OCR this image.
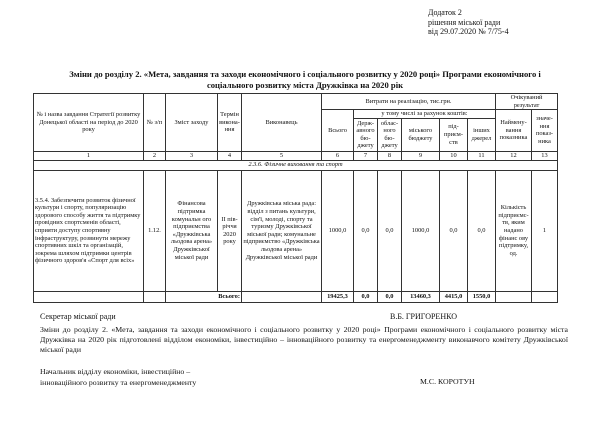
Додаток 2
рішення міської ради
від 29.07.2020 № 7/75-4
Зміни до розділу 2. «Мета, завдання та заходи економічного і соціального розвитку у 2020 році» Програми економічного і
соціального розвитку міста Дружківка на 2020 рік
№ і назва завдання Стратегії розвитку Донецької області на період до 2020 року	№ з/п	Зміст заходу	Термін виконання	Виконавець	Витрати на реалізацію, тис.грн.						Очікуваний результат	
					Всього	у тому числі за рахунок коштів:					Найменування показника	значення показника
						Державного бюджету	обласного бюджету	міського бюджету	підприємств	інших джерел		
1	2	3	4	5	6	7	8	9	10	11	12	13
2.3.6. Фізичне виховання та спорт												
3.5.4. Забезпечити розвиток фізичної культури і спорту, популяризацію здорового способу життя та підтримку провідних спортсменів області, сприяти доступу спортивну інфраструктуру, розвинути мережу спортивних шкіл та організацій, зокрема шляхом підтримки центрів фізичного здоров'я «Спорт для всіх»	1.12.	Фінансова підтримка комунальн ого підприємства «Дружківська льодова арена» Дружківської міської ради	II півріччя 2020 року	Дружківська міська рада: відділ з питань культури, сім'ї, молоді, спорту та туризму Дружківської міської ради; комунальне підприємство «Дружківська льодова арена» Дружківської міської ради	1000,0	0,0	0,0	1000,0	0,0	0,0	Кількість підприємств, яким надано фінанс ову підтримку, од.	1
		Всього:			19425,3	0,0	0,0	13460,3	4415,0	1550,0		
Секретар міської ради	В.Б. ГРИГОРЕНКО
Зміни до розділу 2. «Мета, завдання та заходи економічного і соціального розвитку у 2020 році» Програми економічного і соціального розвитку міста Дружківка на 2020 рік підготовлені відділом економіки, інвестиційно – інноваційного розвитку та енергоменеджменту виконавчого комітету Дружківської міської ради
Начальник відділу економіки, інвестиційно –
інноваційного розвитку та енергоменеджменту	М.С. КОРОТУН
